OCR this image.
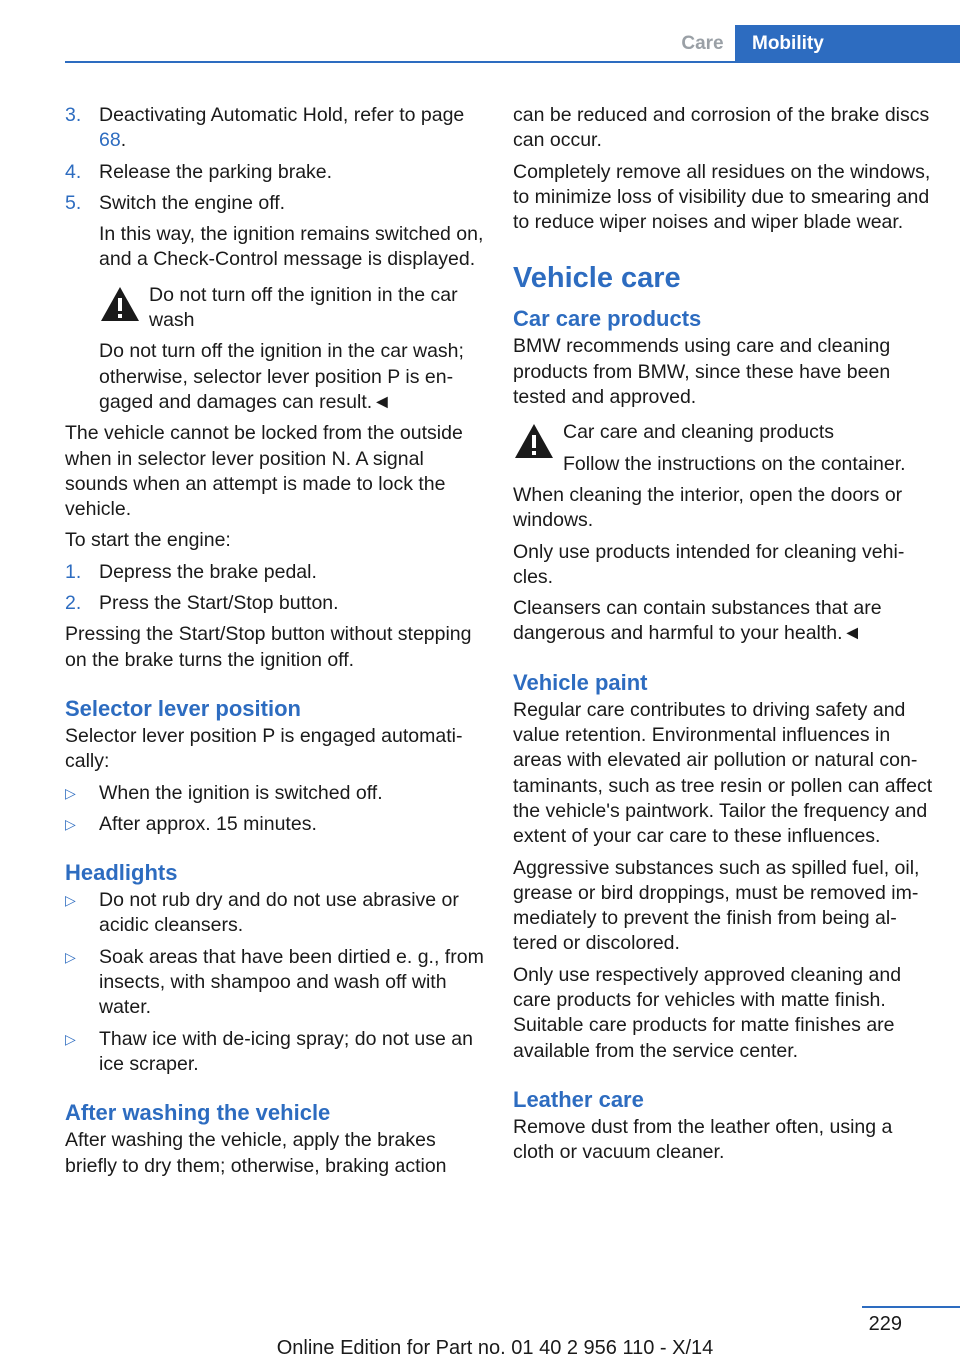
Care	Mobility
3. Deactivating Automatic Hold, refer to page 68.
4. Release the parking brake.
5. Switch the engine off.
In this way, the ignition remains switched on, and a Check-Control message is displayed.
Do not turn off the ignition in the car wash
Do not turn off the ignition in the car wash; otherwise, selector lever position P is engaged and damages can result.◄

The vehicle cannot be locked from the outside when in selector lever position N. A signal sounds when an attempt is made to lock the vehicle.

To start the engine:

1. Depress the brake pedal.
2. Press the Start/Stop button.

Pressing the Start/Stop button without stepping on the brake turns the ignition off.

Selector lever position

Selector lever position P is engaged automatically:

▷ When the ignition is switched off.
▷ After approx. 15 minutes.
Headlights
▷ Do not rub dry and do not use abrasive or acidic cleansers.
▷ Soak areas that have been dirtied e. g., from insects, with shampoo and wash off with water.
▷ Thaw ice with de-icing spray; do not use an ice scraper.
After washing the vehicle

After washing the vehicle, apply the brakes briefly to dry them; otherwise, braking action

can be reduced and corrosion of the brake discs can occur.

Completely remove all residues on the windows, to minimize loss of visibility due to smearing and to reduce wiper noises and wiper blade wear.

Vehicle care
Car care products

BMW recommends using care and cleaning products from BMW, since these have been tested and approved.

Car care and cleaning products
Follow the instructions on the container.

When cleaning the interior, open the doors or windows.

Only use products intended for cleaning vehicles.

Cleansers can contain substances that are dangerous and harmful to your health.◄

Vehicle paint

Regular care contributes to driving safety and value retention. Environmental influences in areas with elevated air pollution or natural contaminants, such as tree resin or pollen can affect the vehicle's paintwork. Tailor the frequency and extent of your car care to these influences.

Aggressive substances such as spilled fuel, oil, grease or bird droppings, must be removed immediately to prevent the finish from being altered or discolored.

Only use respectively approved cleaning and care products for vehicles with matte finish. Suitable care products for matte finishes are available from the service center.

Leather care

Remove dust from the leather often, using a cloth or vacuum cleaner.

229
Online Edition for Part no. 01 40 2 956 110 - X/14
